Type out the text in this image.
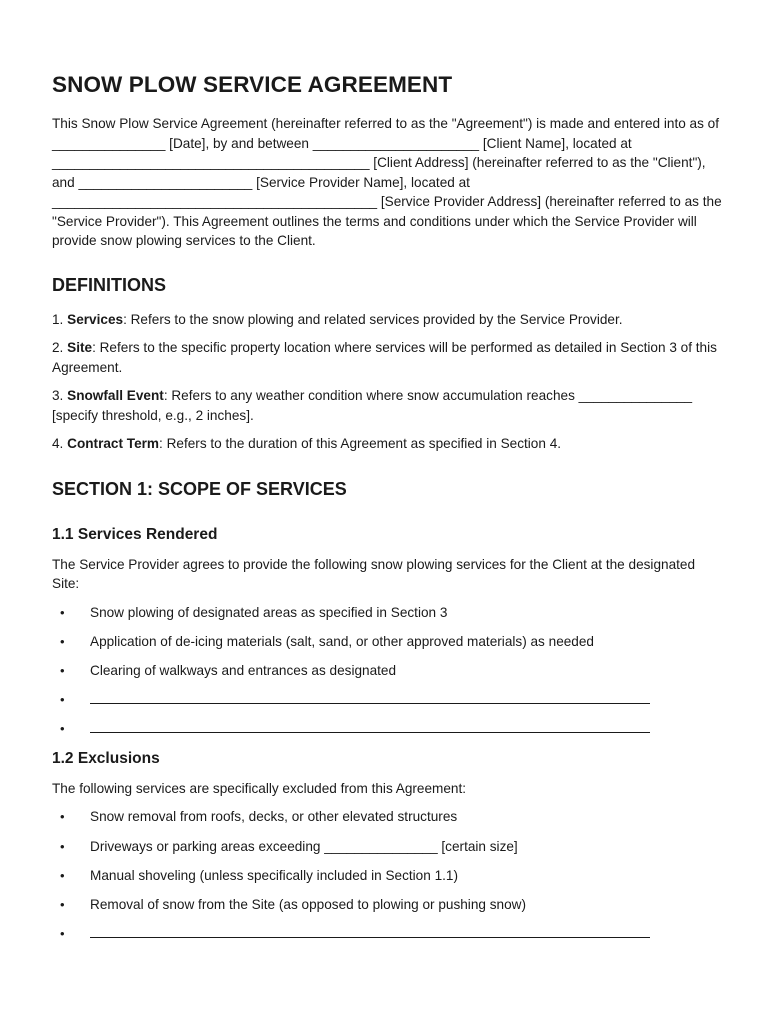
SNOW PLOW SERVICE AGREEMENT

This Snow Plow Service Agreement (hereinafter referred to as the "Agreement") is made and entered into as of _______________ [Date], by and between ______________________ [Client Name], located at __________________________________________ [Client Address] (hereinafter referred to as the "Client"), and _______________________ [Service Provider Name], located at ___________________________________________ [Service Provider Address] (hereinafter referred to as the "Service Provider"). This Agreement outlines the terms and conditions under which the Service Provider will provide snow plowing services to the Client.

DEFINITIONS

1. Services: Refers to the snow plowing and related services provided by the Service Provider.

2. Site: Refers to the specific property location where services will be performed as detailed in Section 3 of this Agreement.

3. Snowfall Event: Refers to any weather condition where snow accumulation reaches _______________ [specify threshold, e.g., 2 inches].

4. Contract Term: Refers to the duration of this Agreement as specified in Section 4.

SECTION 1: SCOPE OF SERVICES
1.1 Services Rendered

The Service Provider agrees to provide the following snow plowing services for the Client at the designated Site:

• Snow plowing of designated areas as specified in Section 3
• Application of de-icing materials (salt, sand, or other approved materials) as needed
• Clearing of walkways and entrances as designated
•
•
1.2 Exclusions

The following services are specifically excluded from this Agreement:

• Snow removal from roofs, decks, or other elevated structures
• Driveways or parking areas exceeding _______________ [certain size]
• Manual shoveling (unless specifically included in Section 1.1)
• Removal of snow from the Site (as opposed to plowing or pushing snow)
•
